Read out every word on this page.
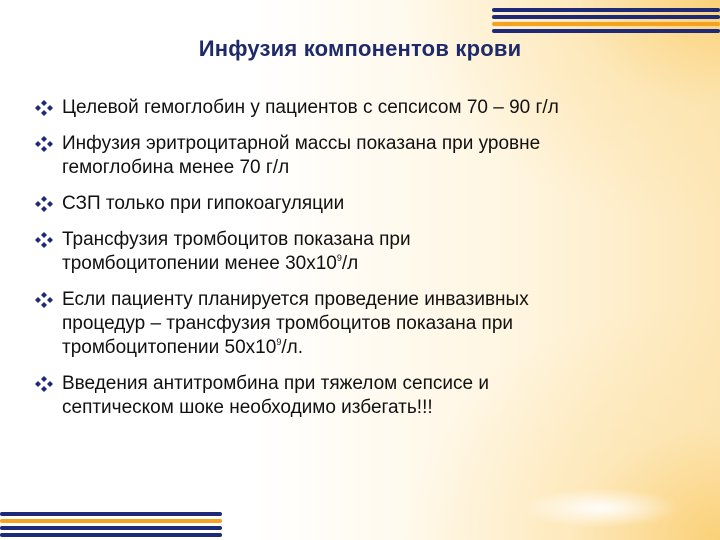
Инфузия компонентов крови
Целевой гемоглобин у пациентов с сепсисом 70 – 90 г/л
Инфузия эритроцитарной массы показана при уровне
гемоглобина менее 70 г/л
СЗП только при гипокоагуляции
Трансфузия тромбоцитов показана при
тромбоцитопении менее $30x10^9/л$
Если пациенту планируется проведение инвазивных
процедур – трансфузия тромбоцитов показана при
тромбоцитопении $50x10^9/л$.
Введения антитромбина при тяжелом сепсисе и
септическом шоке необходимо избегать!!!
